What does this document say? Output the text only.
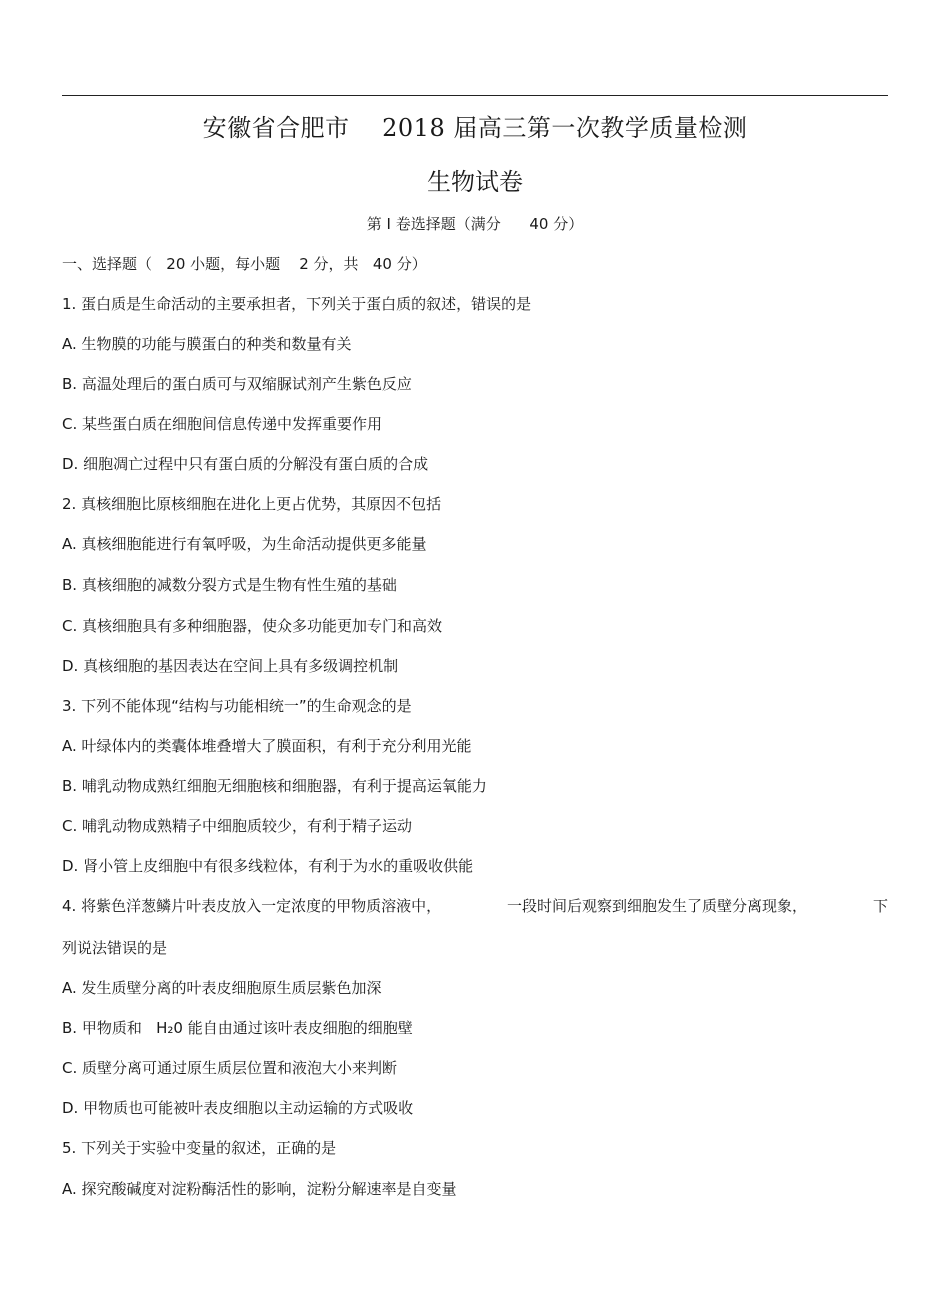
安徽省合肥市    2018 届高三第一次教学质量检测
生物试卷
第 I 卷选择题（满分      40 分）
一、选择题（   20 小题，每小题    2 分，共   40 分）
1. 蛋白质是生命活动的主要承担者，下列关于蛋白质的叙述，错误的是
A. 生物膜的功能与膜蛋白的种类和数量有关
B. 高温处理后的蛋白质可与双缩脲试剂产生紫色反应
C. 某些蛋白质在细胞间信息传递中发挥重要作用
D. 细胞凋亡过程中只有蛋白质的分解没有蛋白质的合成
2. 真核细胞比原核细胞在进化上更占优势，其原因不包括
A. 真核细胞能进行有氧呼吸，为生命活动提供更多能量
B. 真核细胞的减数分裂方式是生物有性生殖的基础
C. 真核细胞具有多种细胞器，使众多功能更加专门和高效
D. 真核细胞的基因表达在空间上具有多级调控机制
3. 下列不能体现“结构与功能相统一”的生命观念的是
A. 叶绿体内的类囊体堆叠增大了膜面积，有利于充分利用光能
B. 哺乳动物成熟红细胞无细胞核和细胞器，有利于提高运氧能力
C. 哺乳动物成熟精子中细胞质较少，有利于精子运动
D. 肾小管上皮细胞中有很多线粒体，有利于为水的重吸收供能
4. 将紫色洋葱鳞片叶表皮放入一定浓度的甲物质溶液中，	一段时间后观察到细胞发生了质壁分离现象，	下
列说法错误的是
A. 发生质壁分离的叶表皮细胞原生质层紫色加深
B. 甲物质和   H₂0 能自由通过该叶表皮细胞的细胞壁
C. 质壁分离可通过原生质层位置和液泡大小来判断
D. 甲物质也可能被叶表皮细胞以主动运输的方式吸收
5. 下列关于实验中变量的叙述，正确的是
A. 探究酸碱度对淀粉酶活性的影响，淀粉分解速率是自变量
